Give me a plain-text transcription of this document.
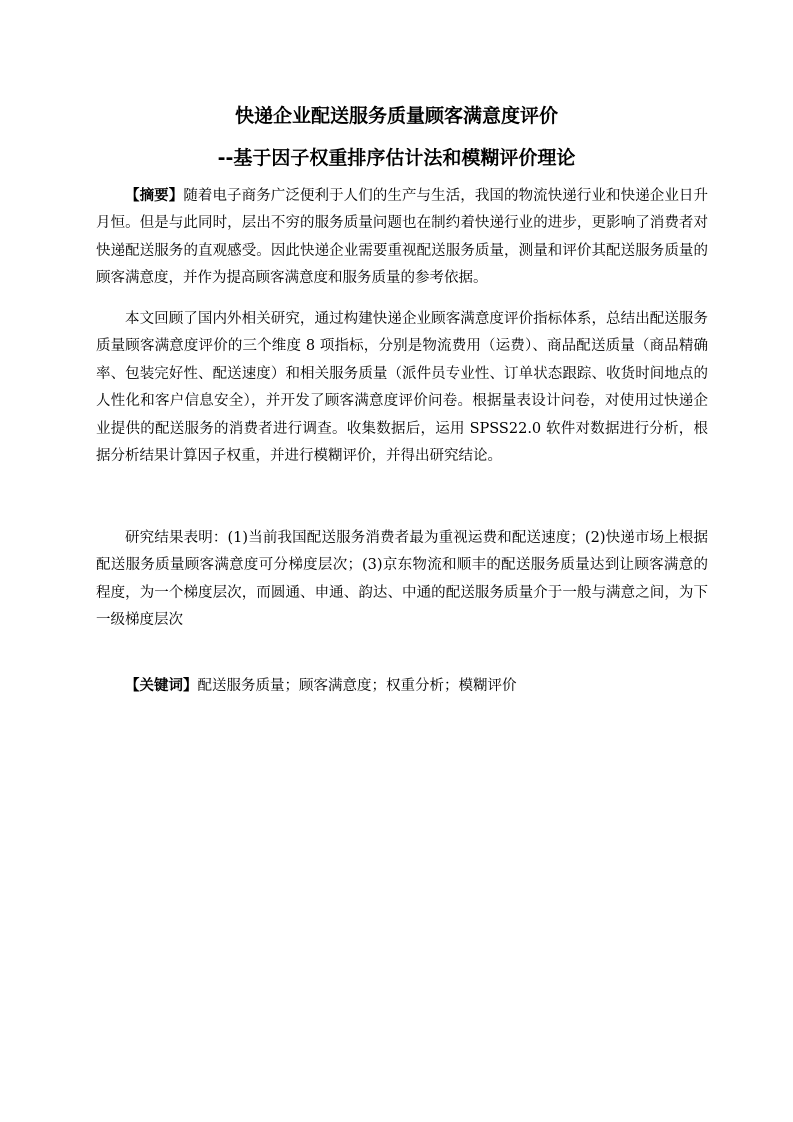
快递企业配送服务质量顾客满意度评价
--基于因子权重排序估计法和模糊评价理论

【摘要】随着电子商务广泛便利于人们的生产与生活，我国的物流快递行业和快递企业日升月恒。但是与此同时，层出不穷的服务质量问题也在制约着快递行业的进步，更影响了消费者对快递配送服务的直观感受。因此快递企业需要重视配送服务质量，测量和评价其配送服务质量的顾客满意度，并作为提高顾客满意度和服务质量的参考依据。

本文回顾了国内外相关研究，通过构建快递企业顾客满意度评价指标体系，总结出配送服务质量顾客满意度评价的三个维度 8 项指标，分别是物流费用（运费）、商品配送质量（商品精确率、包装完好性、配送速度）和相关服务质量（派件员专业性、订单状态跟踪、收货时间地点的人性化和客户信息安全），并开发了顾客满意度评价问卷。根据量表设计问卷，对使用过快递企业提供的配送服务的消费者进行调查。收集数据后，运用 SPSS22.0 软件对数据进行分析，根据分析结果计算因子权重，并进行模糊评价，并得出研究结论。

研究结果表明：(1)当前我国配送服务消费者最为重视运费和配送速度；(2)快递市场上根据配送服务质量顾客满意度可分梯度层次；(3)京东物流和顺丰的配送服务质量达到让顾客满意的程度，为一个梯度层次，而圆通、申通、韵达、中通的配送服务质量介于一般与满意之间，为下一级梯度层次

【关键词】配送服务质量；顾客满意度；权重分析；模糊评价
